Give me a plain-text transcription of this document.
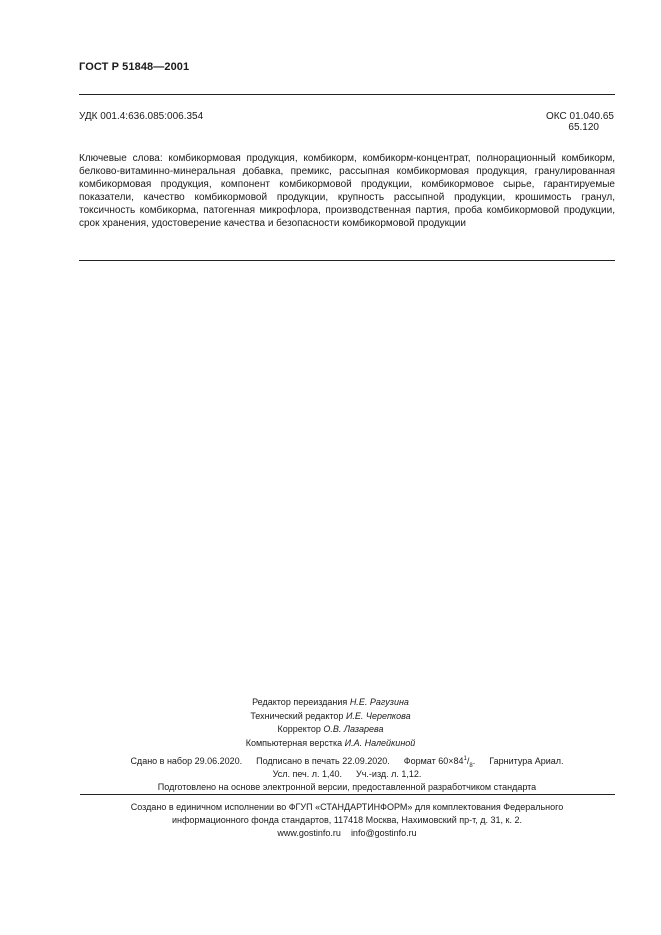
ГОСТ Р 51848—2001
УДК 001.4:636.085:006.354	ОКС 01.040.65
65.120
Ключевые слова: комбикормовая продукция, комбикорм, комбикорм-концентрат, полнорационный комбикорм, белково-витаминно-минеральная добавка, премикс, рассыпная комбикормовая продукция, гранулированная комбикормовая продукция, компонент комбикормовой продукции, комбикормовое сырье, гарантируемые показатели, качество комбикормовой продукции, крупность рассыпной продукции, крошимость гранул, токсичность комбикорма, патогенная микрофлора, производственная партия, проба комбикормовой продукции, срок хранения, удостоверение качества и безопасности комбикормовой продукции
Редактор переиздания Н.Е. Рагузина
Технический редактор И.Е. Черепкова
Корректор О.В. Лазарева
Компьютерная верстка И.А. Налейкиной
Сдано в набор 29.06.2020. Подписано в печать 22.09.2020. Формат $60\times 84^1/_8$. Гарнитура Ариал.
Усл. печ. л. 1,40. Уч.-изд. л. 1,12.
Подготовлено на основе электронной версии, предоставленной разработчиком стандарта
Создано в единичном исполнении во ФГУП «СТАНДАРТИНФОРМ» для комплектования Федерального
информационного фонда стандартов, 117418 Москва, Нахимовский пр-т, д. 31, к. 2.
www.gostinfo.ru info@gostinfo.ru
